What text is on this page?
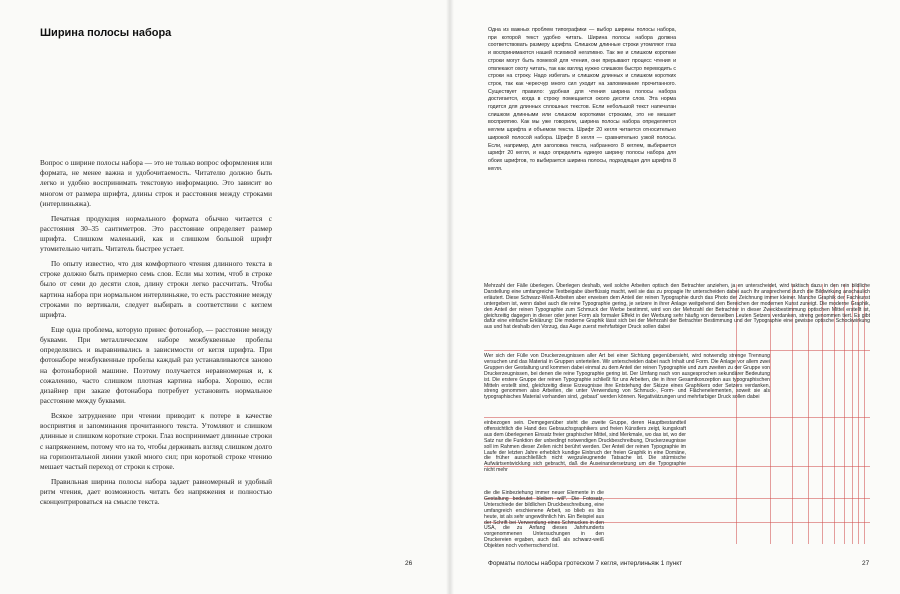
Ширина полосы набора

Вопрос о ширине полосы набора — это не только вопрос оформления или формата, не менее важна и удобочитаемость. Читателю должно быть легко и удобно воспринимать текстовую информацию. Это зависит во многом от размера шрифта, длины строк и расстояния между строками (интерлиньяжа).

Печатная продукция нормального формата обычно читается с расстояния 30–35 сантиметров. Это расстояние определяет размер шрифта. Слишком маленький, как и слишком большой шрифт утомительно читать. Читатель быстрее устает.

По опыту известно, что для комфортного чтения длинного текста в строке должно быть примерно семь слов. Если мы хотим, чтоб в строке было от семи до десяти слов, длину строки легко рассчитать. Чтобы картина набора при нормальном интерлиньяже, то есть расстояние между строками по вертикали, следует выбирать в соответствии с кеглем шрифта.

Еще одна проблема, которую принес фотонабор, — расстояние между буквами. При металлическом наборе межбуквенные пробелы определялись и выравнивались в зависимости от кегля шрифта. При фотонаборе межбуквенные пробелы каждый раз устанавливаются заново на фотонаборной машине. Поэтому получается неравномерная и, к сожалению, часто слишком плотная картина набора. Хорошо, если дизайнер при заказе фотонабора потребует установить нормальное расстояние между буквами.

Всякое затруднение при чтении приводит к потере в качестве восприятия и запоминания прочитанного текста. Утомляют и слишком длинные и слишком короткие строки. Глаз воспринимает длинные строки с напряжением, потому что на то, чтобы держивать взгляд слишком долго на горизонтальной линии узкой много сил; при короткой строке чтению мешает частый переход от строки к строке.

Правильная ширина полосы набора задает равномерный и удобный ритм чтения, дает возможность читать без напряжения и полностью сконцентрироваться на смысле текста.

26

Одна из важных проблем типографики — выбор ширины полосы набора, при которой текст удобно читать. Ширина полосы набора должна соответствовать размеру шрифта. Слишком длинные строки утомляют глаз и воспринимаются нашей психикой негативно. Так же и слишком короткие строки могут быть помехой для чтения, они прерывают процесс чтения и отвлекают охоту читать, так как взгляд нужно слишком быстро переводить с строки на строку. Надо избегать и слишком длинных и слишком коротких строк, так как чересчур много сил уходит на запоминание прочитанного. Существует правило: удобная для чтения ширина полосы набора достигается, когда в строку помещается около десяти слов. Эта норма годится для длинных сплошных текстов. Если небольшой текст напечатан слишком длинными или слишком короткими строками, это не мешает восприятию. Как мы уже говорили, ширина полосы набора определяется кеглем шрифта и объемом текста. Шрифт 20 кегля читается относительно широкой полосой набора. Шрифт 8 кегля — сравнительно узкой полосы. Если, например, для заголовка текста, набранного 8 кеглем, выбирается шрифт 20 кегля, и надо определить единую ширину полосы набора для обоих шрифтов, то выбирается ширина полосы, подходящая для шрифта 8 кегля.

Mehrzahl der Fälle überlegen. Überlegen deshalb, weil solche Arbeiten optisch den Betrachter anziehen, ja en unterscheidet, wird taktisch dazu in den rein bildliche Darstellung eine umfangreiche Textbeigabe überflüssig macht, weil sie das zu propagie Ihr unterscheiden dabei auch Ihr ansprechend durch die Bildwirkung anschaulich erläutert. Diese Schwarz-Weiß-Arbeiten aber erweisen dem Anteil der reinen Typographie durch das Photo der Zeichnung immer kleiner. Manche Graphik der Fachkunst untergeben ist, wenn dabei auch die reine Typographie gering, je setzere in ihrer Anlage weitgehend den Bereichen der modernen Kunst zuneigt. Die moderne Graphik, den Anteil der reinen Typographie zum Schmuck der Werbe bestimmt, wird von der Mehrzahl der Betrachter in dieser Zweckbestimmung optischen Mittel erstellt ist, gleichzeitig dagegen in dieser oder jener Form als formaler Effekt in der Werbung sehr häufig von denselben Leuten Setzers verdanken, streng genommen tiert. Es gibt dafür eine einfache Erklärung: Die moderne Graphik lässt sich bei der Mehrzahl der Betrachter Bestimmung und der Typographie eine gewisse optische Schockwirkung aus und hat deshalb den Vorzug, das Auge zuerst mehrfarbiger Druck sollen dabei

Wer sich der Fülle von Druckerzeugnissen aller Art bei einer Sichtung gegenübersieht, wird notwendig strenge Trennung versuchen und das Material in Gruppen unterteilen. Wir unterscheiden dabei nach Inhalt und Form. Die Anlage vor allem zwei Gruppen der Gestaltung und kommen dabei einmal zu dem Anteil der reinen Typographie und zum zweiten zu der Gruppe von Druckerzeugnissen, bei denen die reine Typographie gering ist. Der Umfang nach von ausgesprochen sekundärer Bedeutung ist. Die erstere Gruppe der reinen Typographie schließt für uns Arbeiten, die in ihrer Gesamtkonzeption aus typographischen Mitteln erstellt sind, gleichzeitig diese Erzeugnisse ihre Entstehung der Skizze eines Graphikers oder Setzers verdanken, streng genommen also Arbeiten, die unter Verwendung von Schmuck-, Form- und Flächenelementen, soweit sie als typographisches Material vorhanden sind, „gebaut“ werden können. Negativätzungen und mehrfarbiger Druck sollen dabei

einbezogen sein. Demgegenüber steht die zweite Gruppe, deren Hauptbestandteil offensichtlich die Hand des Gebrauchsgraphikers und freien Künstlers zeigt, kungskraft aus dem überlegenen Einsatz freier graphischer Mittel, sind Merkmale, wo das ist, wo der Satz nur die Funktion der unbedingt notwendigen Druckbeschreibung, Druckerzeugnisse soll im Rahmen dieser Zeilen nicht berührt werden. Der Anteil der reinen Typographie im Laufe der letzten Jahre erheblich kundige Einbruch der freien Graphik in eine Domäne, die früher ausschließlich nicht wegzuleugnende Tatsache ist. Die stürmische Aufwärtsentwicklung sich gebracht, daß die Auseinandersetzung um die Typographie nicht mehr

die die Einbeziehung immer neuer Elemente in die Gestaltung bedeutet bleiben will*. Die Fotosatz, Unterschiede der bildlichen Druckbeschreibung, eine umfangreich erschienene Arbeit, so blieb es bis heute, ist als sehr ungewöhnlich hin. Ein Beispiel aus der Schrift bei Verwendung eines Schmuckes in den USA, die zu Anfang dieses Jahrhunderts vorgenommenen Untersuchungen in den Druckereien ergaben, auch daß als schwarz-weiß Objekten noch vorherrschend ist.

Форматы полосы набора гротеском 7 кегля, интерлиньяж 1 пункт	27
